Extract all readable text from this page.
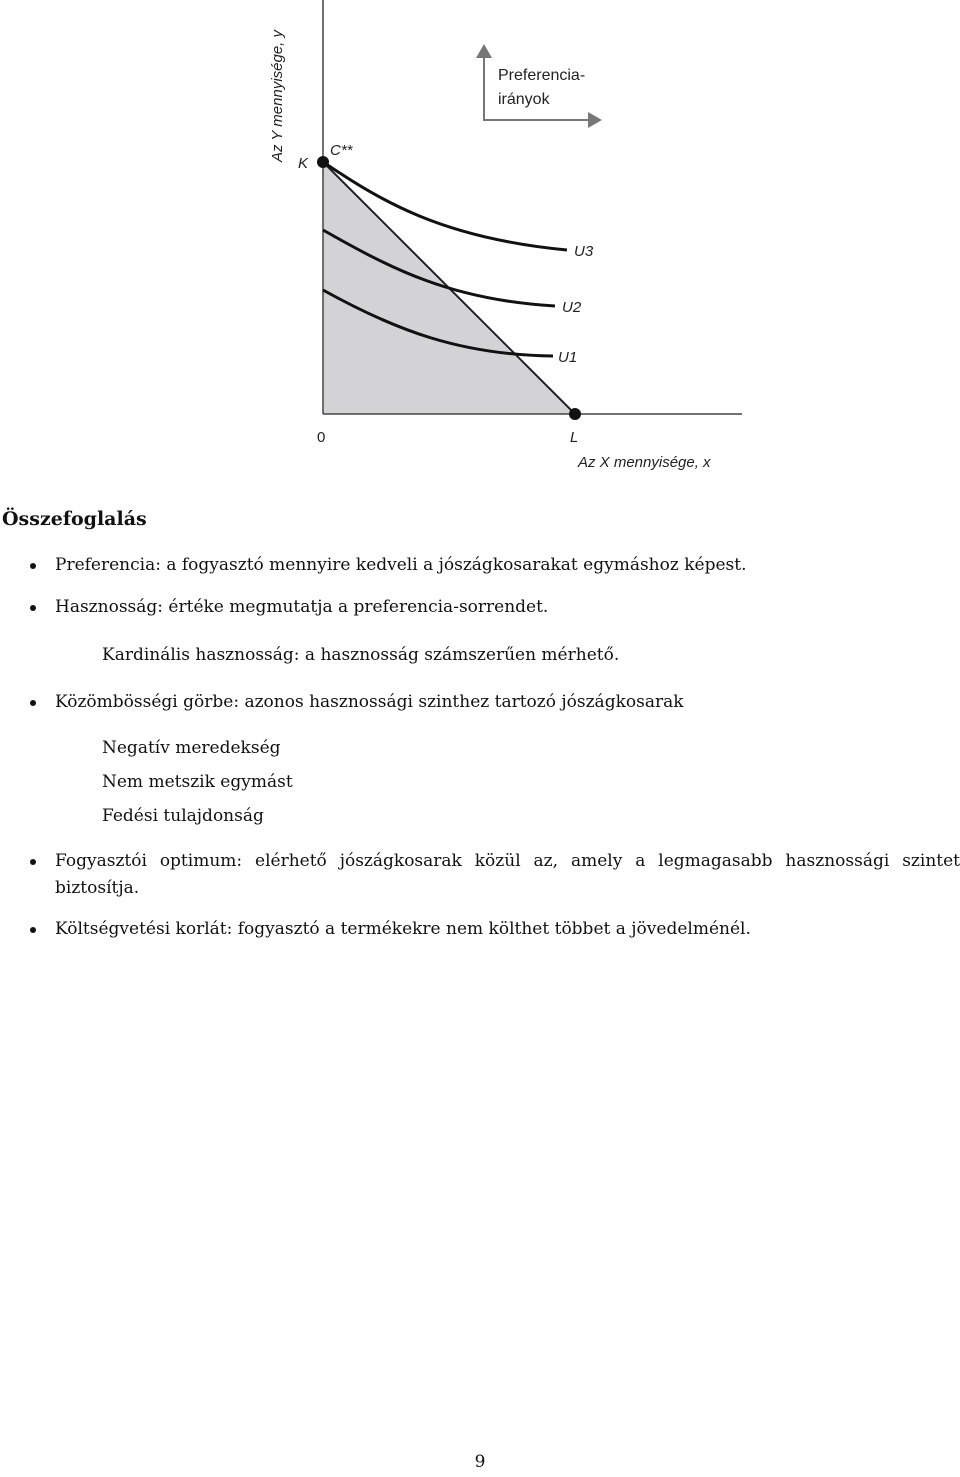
Az Y mennyisége, y
Az X mennyisége, x
0
K
C**
L
U3
U2
U1
Preferencia-
irányok
Összefoglalás
Preferencia: a fogyasztó mennyire kedveli a jószágkosarakat egymáshoz képest.
Hasznosság: értéke megmutatja a preferencia-sorrendet.
Kardinális hasznosság: a hasznosság számszerűen mérhető.
Közömbösségi görbe: azonos hasznossági szinthez tartozó jószágkosarak
Negatív meredekség
Nem metszik egymást
Fedési tulajdonság
Fogyasztói optimum: elérhető jószágkosarak közül az, amely a legmagasabb hasznossági szintet biztosítja.
Költségvetési korlát: fogyasztó a termékekre nem költhet többet a jövedelménél.
9
